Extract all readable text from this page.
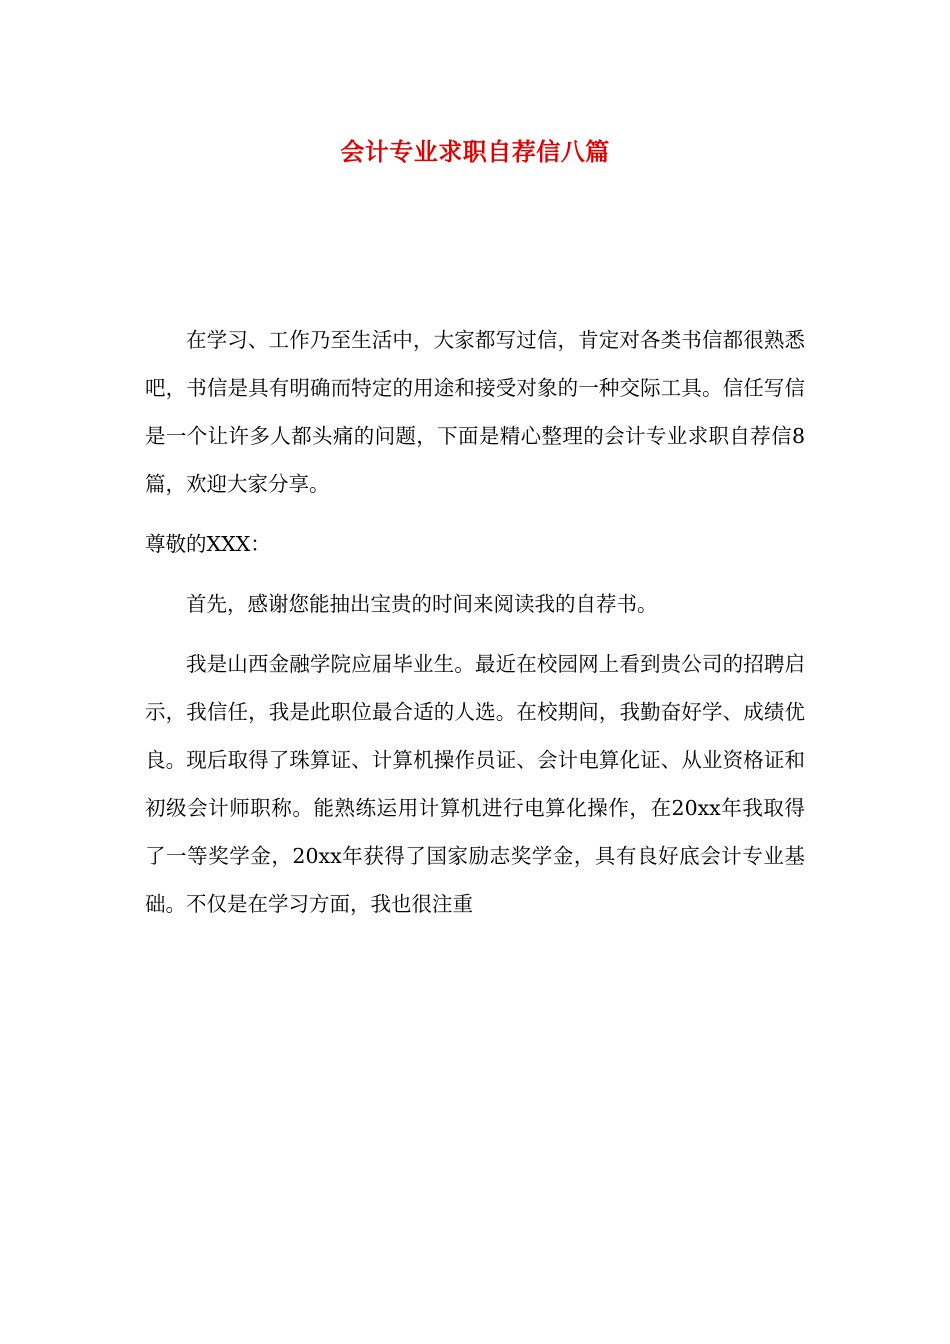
会计专业求职自荐信八篇

在学习、工作乃至生活中，大家都写过信，肯定对各类书信都很熟悉吧，书信是具有明确而特定的用途和接受对象的一种交际工具。信任写信是一个让许多人都头痛的问题，下面是精心整理的会计专业求职自荐信8篇，欢迎大家分享。

尊敬的XXX：

首先，感谢您能抽出宝贵的时间来阅读我的自荐书。

我是山西金融学院应届毕业生。最近在校园网上看到贵公司的招聘启示，我信任，我是此职位最合适的人选。在校期间，我勤奋好学、成绩优良。现后取得了珠算证、计算机操作员证、会计电算化证、从业资格证和初级会计师职称。能熟练运用计算机进行电算化操作，在20xx年我取得了一等奖学金，20xx年获得了国家励志奖学金，具有良好底会计专业基础。不仅是在学习方面，我也很注重
